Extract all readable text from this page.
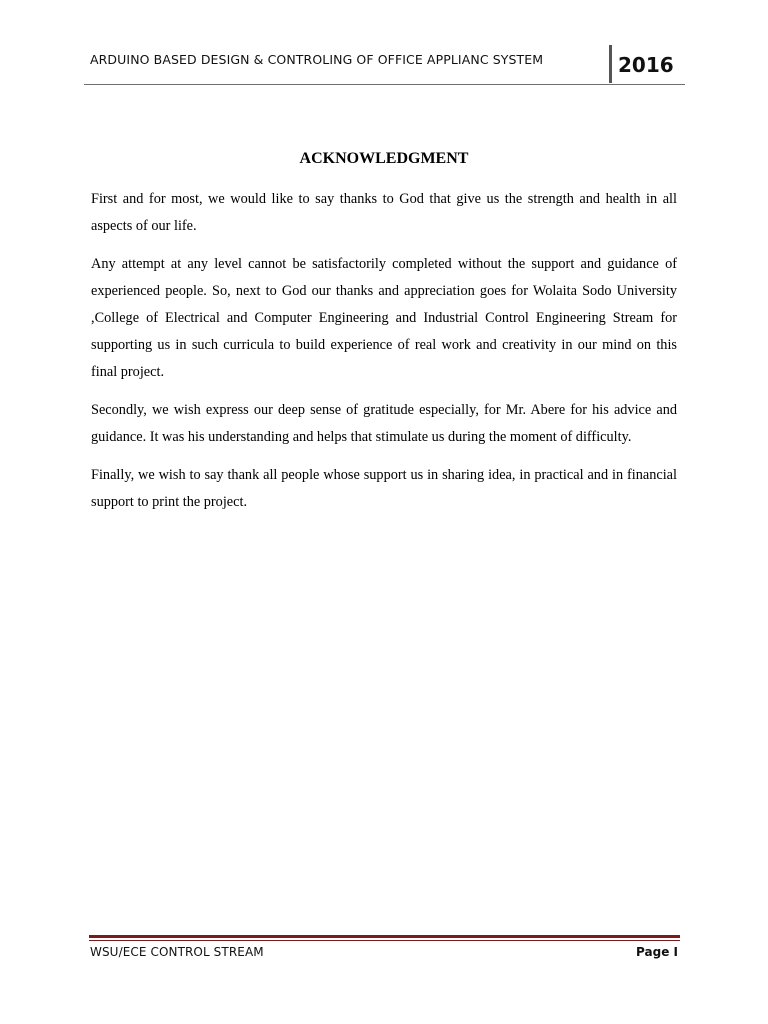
ARDUINO BASED DESIGN & CONTROLING OF OFFICE APPLIANC SYSTEM	2016
ACKNOWLEDGMENT

First and for most, we would like to say thanks to God that give us the strength and health in all aspects of our life.

Any attempt at any level cannot be satisfactorily completed without the support and guidance of experienced people. So, next to God our thanks and appreciation goes for Wolaita Sodo University ,College of Electrical and Computer Engineering and Industrial Control Engineering Stream for supporting us in such curricula to build experience of real work and creativity in our mind on this final project.

Secondly, we wish express our deep sense of gratitude especially, for Mr. Abere for his advice and guidance. It was his understanding and helps that stimulate us during the moment of difficulty.

Finally, we wish to say thank all people whose support us in sharing idea, in practical and in financial support to print the project.

WSU/ECE CONTROL STREAM	Page I
